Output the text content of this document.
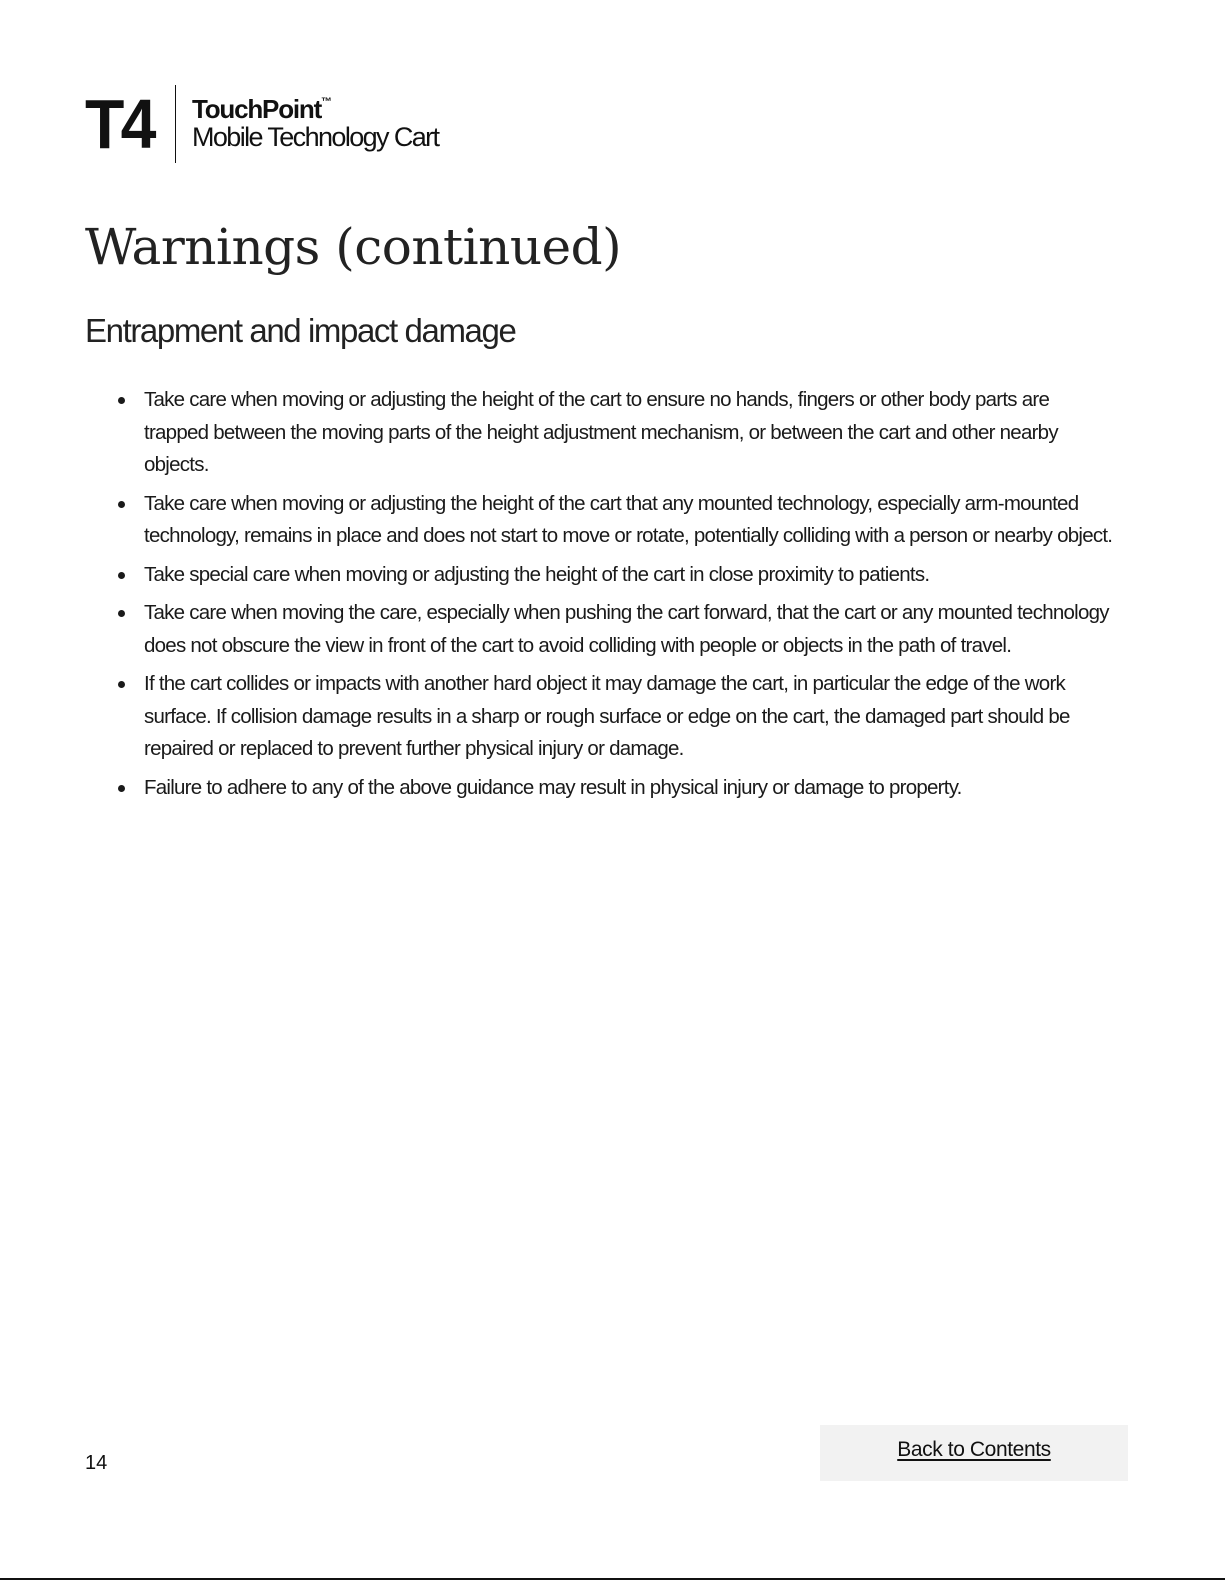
T4	TouchPoint™
Mobile Technology Cart
Warnings (continued)
Entrapment and impact damage
Take care when moving or adjusting the height of the cart to ensure no hands, fingers or other body parts are trapped between the moving parts of the height adjustment mechanism, or between the cart and other nearby objects.
Take care when moving or adjusting the height of the cart that any mounted technology, especially arm-mounted technology, remains in place and does not start to move or rotate, potentially colliding with a person or nearby object.
Take special care when moving or adjusting the height of the cart in close proximity to patients.
Take care when moving the care, especially when pushing the cart forward, that the cart or any mounted technology does not obscure the view in front of the cart to avoid colliding with people or objects in the path of travel.
If the cart collides or impacts with another hard object it may damage the cart, in particular the edge of the work surface. If collision damage results in a sharp or rough surface or edge on the cart, the damaged part should be repaired or replaced to prevent further physical injury or damage.
Failure to adhere to any of the above guidance may result in physical injury or damage to property.
14
Back to Contents
